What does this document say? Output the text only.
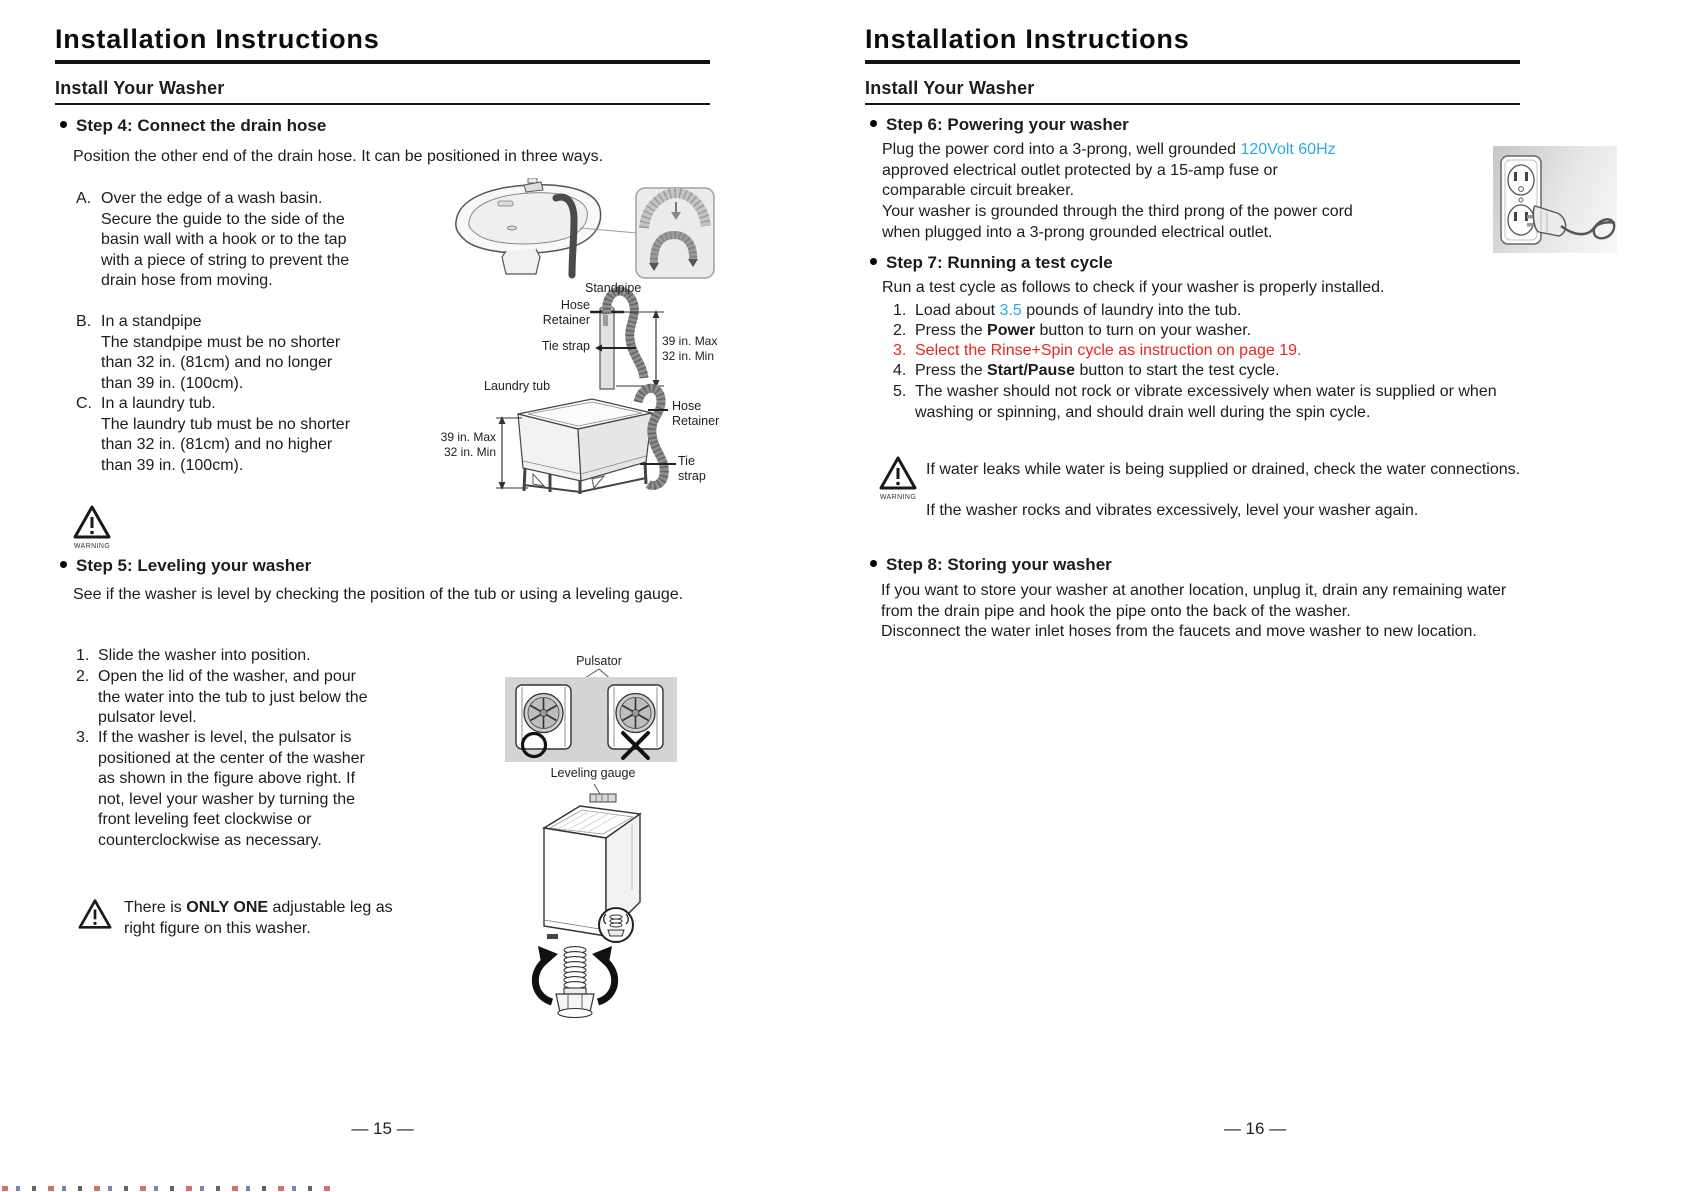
Installation Instructions
Install Your Washer
Step 4: Connect the drain hose
Position the other end of the drain hose. It can be positioned in three ways.
A. Over the edge of a wash basin.
Secure the guide to the side of the basin wall with a hook or to the tap with a piece of string to prevent the drain hose from moving.
B. In a standpipe
The standpipe must be no shorter than 32 in. (81cm) and no longer than 39 in. (100cm).
C. In a laundry tub.
The laundry tub must be no shorter than 32 in. (81cm) and no higher than 39 in. (100cm).
Standpipe
Hose Retainer
Tie strap	39 in. Max
32 in. Min
Laundry tub
Hose Retainer
Tie strap
39 in. Max
32 in. Min
WARNING
Step 5: Leveling your washer
See if the washer is level by checking the position of the tub or using a leveling gauge.
1. Slide the washer into position.
2. Open the lid of the washer, and pour the water into the tub to just below the pulsator level.
3. If the washer is level, the pulsator is positioned at the center of the washer as shown in the figure above right. If not, level your washer by turning the front leveling feet clockwise or counterclockwise as necessary.
Pulsator
Leveling gauge
There is ONLY ONE adjustable leg as right figure on this washer.
— 15 —
Installation Instructions
Install Your Washer
Step 6: Powering your washer
Plug the power cord into a 3-prong, well grounded 120Volt 60Hz approved electrical outlet protected by a 15-amp fuse or comparable circuit breaker.
Your washer is grounded through the third prong of the power cord when plugged into a 3-prong grounded electrical outlet.
Step 7: Running a test cycle
Run a test cycle as follows to check if your washer is properly installed.
1. Load about 3.5 pounds of laundry into the tub.
2. Press the Power button to turn on your washer.
3. Select the Rinse+Spin cycle as instruction on page 19.
4. Press the Start/Pause button to start the test cycle.
5. The washer should not rock or vibrate excessively when water is supplied or when washing or spinning, and should drain well during the spin cycle.
WARNING
If water leaks while water is being supplied or drained, check the water connections.
If the washer rocks and vibrates excessively, level your washer again.
Step 8: Storing your washer
If you want to store your washer at another location, unplug it, drain any remaining water from the drain pipe and hook the pipe onto the back of the washer.
Disconnect the water inlet hoses from the faucets and move washer to new location.
— 16 —
